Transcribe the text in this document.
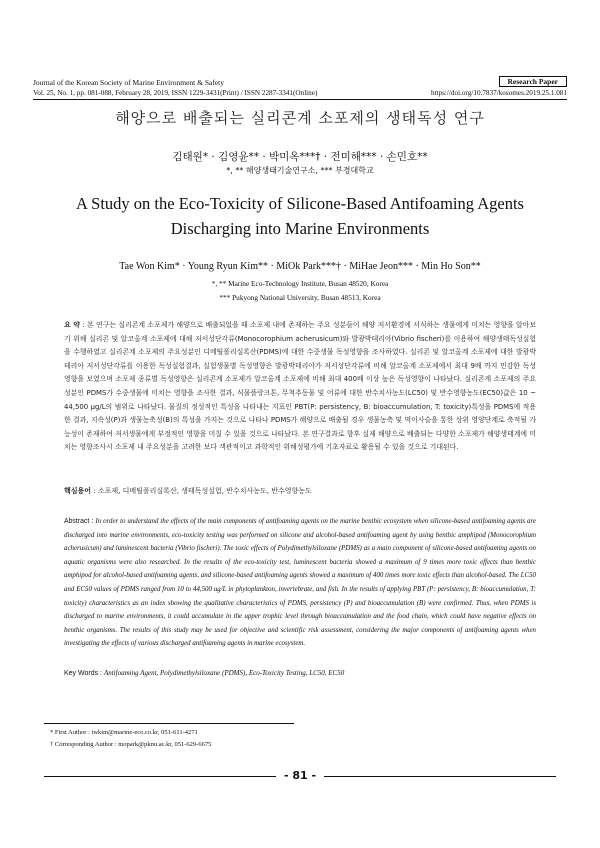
Journal of the Korean Society of Marine Environment & Safety	Research Paper
Vol. 25, No. 1, pp. 081-088, February 28, 2019, ISSN 1229-3431(Print) / ISSN 2287-3341(Online)	https://doi.org/10.7837/kosomes.2019.25.1.081
해양으로 배출되는 실리콘계 소포제의 생태독성 연구
김태원* · 김영윤** · 박미옥***† · 전미해*** · 손민호**
*, ** 해양생태기술연구소, *** 부경대학교
A Study on the Eco-Toxicity of Silicone-Based Antifoaming Agents
Discharging into Marine Environments
Tae Won Kim* · Young Ryun Kim** · MiOk Park***† · MiHae Jeon*** · Min Ho Son**
*, ** Marine Eco-Technology Institute, Busan 48520, Korea
*** Pukyong National University, Busan 48513, Korea
요 약 : 본 연구는 실리콘계 소포제가 해양으로 배출되었을 때 소포제 내에 존재하는 주요 성분들이 해양 저서환경에 서식하는 생물에게 미치는 영향을 알아보기 위해 실리콘 및 알코올계 소포제에 대해 저서성단각류(Monocorophium acherusicum)와 발광박테리아(Vibrio fischeri)를 이용하여 해양생태독성실험을 수행하였고 실리콘계 소포제의 주요성분인 디메틸폴리실록산(PDMS)에 대한 수중생물 독성영향을 조사하였다. 실리콘 및 알코올계 소포제에 대한 발광박테리아 저서성단각류를 이용한 독성실험결과, 실험생물별 독성영향은 발광박테리아가 저서성단각류에 비해 알코올계 소포제에서 최대 9배 까지 민감한 독성영향을 보였으며 소포제 종류별 독성영향은 실리콘계 소포제가 알코올계 소포제에 비해 최대 400배 이상 높은 독성영향이 나타났다. 실리콘계 소포제의 주요성분인 PDMS가 수중생물에 미치는 영향을 조사한 결과, 식물플랑크톤, 무척추동물 및 어류에 대한 반수치사농도(LC50) 및 반수영향농도(EC50)값은 10 ~ 44,500 μg/L의 범위로 나타났다. 물질의 정성적인 특성을 나타내는 지표인 PBT(P: persistency, B: bioaccumulation, T: toxicity)특성을 PDMS에 적용한 결과, 지속성(P)과 생물농축성(B)의 특성을 가지는 것으로 나타나 PDMS가 해양으로 배출될 경우 생물농축 및 먹이사슬을 통한 상위 영양단계로 축적될 가능성이 존재하여 저서생물에게 부정적인 영향을 미칠 수 있을 것으로 나타났다. 본 연구결과로 향후 실제 해양으로 배출되는 다양한 소포제가 해양생태계에 미치는 영향조사시 소포제 내 주요성분을 고려한 보다 객관적이고 과학적인 위해성평가에 기초자료로 활용될 수 있을 것으로 기대된다.
핵심용어 : 소포제, 디메틸폴리실록산, 생태독성실험, 반수치사농도, 반수영향농도
Abstract : In order to understand the effects of the main components of antifoaming agents on the marine benthic ecosystem when silicone-based antifoaming agents are discharged into marine environments, eco-toxicity testing was performed on silicone and alcohol-based antifoaming agent by using benthic amphipod (Monocorophium acherusicum) and luminescent bacteria (Vibrio fischeri). The toxic effects of Polydimethylsiloxane (PDMS) as a main component of silicone-based antifoaming agents on aquatic organisms were also researched. In the results of the eco-toxicity test, luminescent bacteria showed a maximum of 9 times more toxic effects than benthic amphipod for alcohol-based antifoaming agents, and silicone-based antifoaming agents showed a maximum of 400 times more toxic effects than alcohol-based. The LC50 and EC50 values of PDMS ranged from 10 to 44,500 ug/L in phytoplankton, invertebrate, and fish. In the results of applying PBT (P: persistency, B: bioaccumulation, T: toxicity) characteristics as an index showing the qualitative characteristics of PDMS, persistency (P) and bioaccumulation (B) were confirmed. Thus, when PDMS is discharged to marine environments, it could accumulate in the upper trophic level through bioaccumulation and the food chain, which could have negative effects on benthic organisms. The results of this study may be used for objective and scientific risk assessment, considering the major components of antifoaming agents when investigating the effects of various discharged antifoaming agents in marine ecosystem.
Key Words : Antifoaming Agent, Polydimethylsiloxane (PDMS), Eco-Toxicity Testing, LC50, EC50
* First Author : twkim@marine-eco.co.kr, 051-611-4271
† Corresponding Author : mopark@pknu.ac.kr, 051-629-6675
- 81 -
